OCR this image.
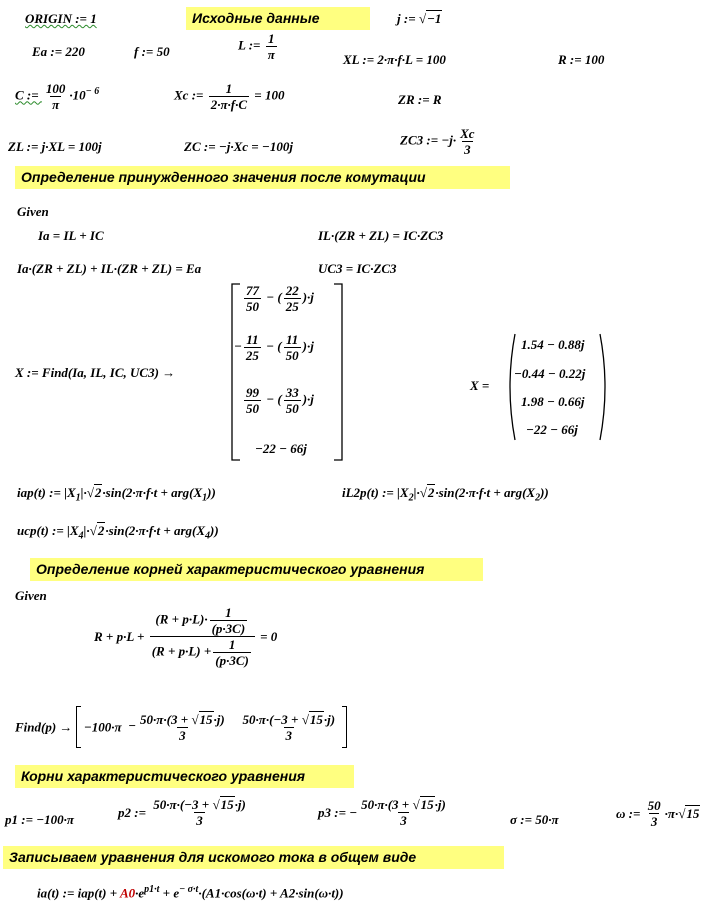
Исходные данные
Определение принужденного значения после комутации
Определение корней характеристического уравнения
Корни характеристического уравнения
Записываем уравнения для искомого тока в общем виде
ORIGIN := 1	j := √−1
Ea := 220	f := 50	L := $\frac{1}{\pi}$	XL := 2·π·f·L = 100	R := 100
C := $\frac{100}{\pi} \cdot 10^{- 6}$	Xc := $\frac{1}{2\cdot\pi\cdot f\cdot C} = 100$	ZR := R
ZL := j·XL = 100j	ZC := −j·Xc = −100j	ZC3 := $-j\cdot \frac{Xc}{3}$
Given
Ia = IL + IC	IL·(ZR + ZL) = IC·ZC3
Ia·(ZR + ZL) + IL·(ZR + ZL) = Ea	UC3 = IC·ZC3
X := Find(Ia, IL, IC, UC3) →
$\frac{77}{50}$ − ( $\frac{22}{25} )\cdot j$
− $\frac{11}{25}$ − ( $\frac{11}{50} )\cdot j$
$\frac{99}{50}$ − ( $\frac{33}{50} )\cdot j$
−22 − 66j
X =
1.54 − 0.88j
−0.44 − 0.22j
1.98 − 0.66j
−22 − 66j
iap(t) := $|X_1|\cdot√2\cdot\sin(2\cdot\pi\cdot f\cdot t + arg(X_1))$	iL2p(t) := $|X_2|\cdot√2\cdot\sin(2\cdot\pi\cdot f\cdot t + arg(X_2))$
ucp(t) := $|X_4|\cdot√2\cdot\sin(2\cdot\pi\cdot f\cdot t + arg(X_4))$
Given
$R + p\cdot L + \frac{(R + p\cdot L)\cdot \frac{1}{(p\cdot 3C)}}{(R + p\cdot L) + \frac{1}{(p\cdot 3C)}} = 0$
Find(p) → $-100\cdot\pi - \frac{50\cdot\pi\cdot(3 + √15\cdot j)}{3}$
$\frac{50\cdot\pi\cdot(-3 + √15\cdot j)}{3}$

p1 := −100·π	p2 := $\frac{50\cdot\pi\cdot(-3 + √15\cdot j)}{3}$	p3 := − $\frac{50\cdot\pi\cdot(3 + √15\cdot j)}{3}$	σ := 50·π	ω := $\frac{50}{3} \cdot\pi\cdot√15$
ia(t) := $iap(t) + A0\cdot e^{p1\cdot t} + e^{- \sigma\cdot t}\cdot(A1\cdot\cos(\omega\cdot t) + A2\cdot\sin(\omega\cdot t))$
